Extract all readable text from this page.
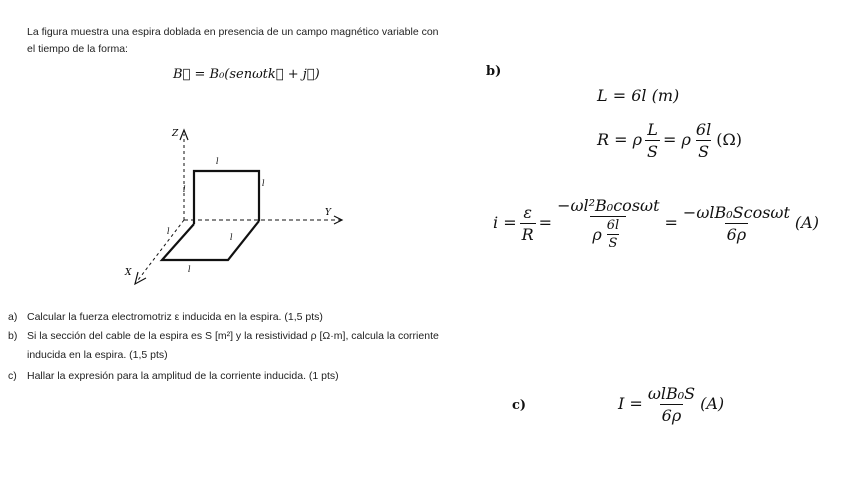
La figura muestra una espira doblada en presencia de un campo magnético variable con
el tiempo de la forma:
B⃗ = B₀(senωtk⃗ + j⃗)
Z
Y
X
l
l
l
l
l
l
a) Calcular la fuerza electromotriz ε inducida en la espira. (1,5 pts)
b) Si la sección del cable de la espira es S [m²] y la resistividad ρ [Ω·m], calcula la corriente
inducida en la espira. (1,5 pts)
c) Hallar la expresión para la amplitud de la corriente inducida. (1 pts)
b)
L = 6l (m)
R = ρ $\frac{L}{S} = \rho \frac{6l}{S} (\Omega)$
$i = \frac{\varepsilon}{R} = \frac{\text{−ωl²B₀cosωt}}{\rho \frac{6l}{S}} = \frac{\text{−ωlB₀Scosωt}}{6\rho} (A)$
c)	$I = \frac{\text{ωlB₀S}}{6\rho} (A)$
